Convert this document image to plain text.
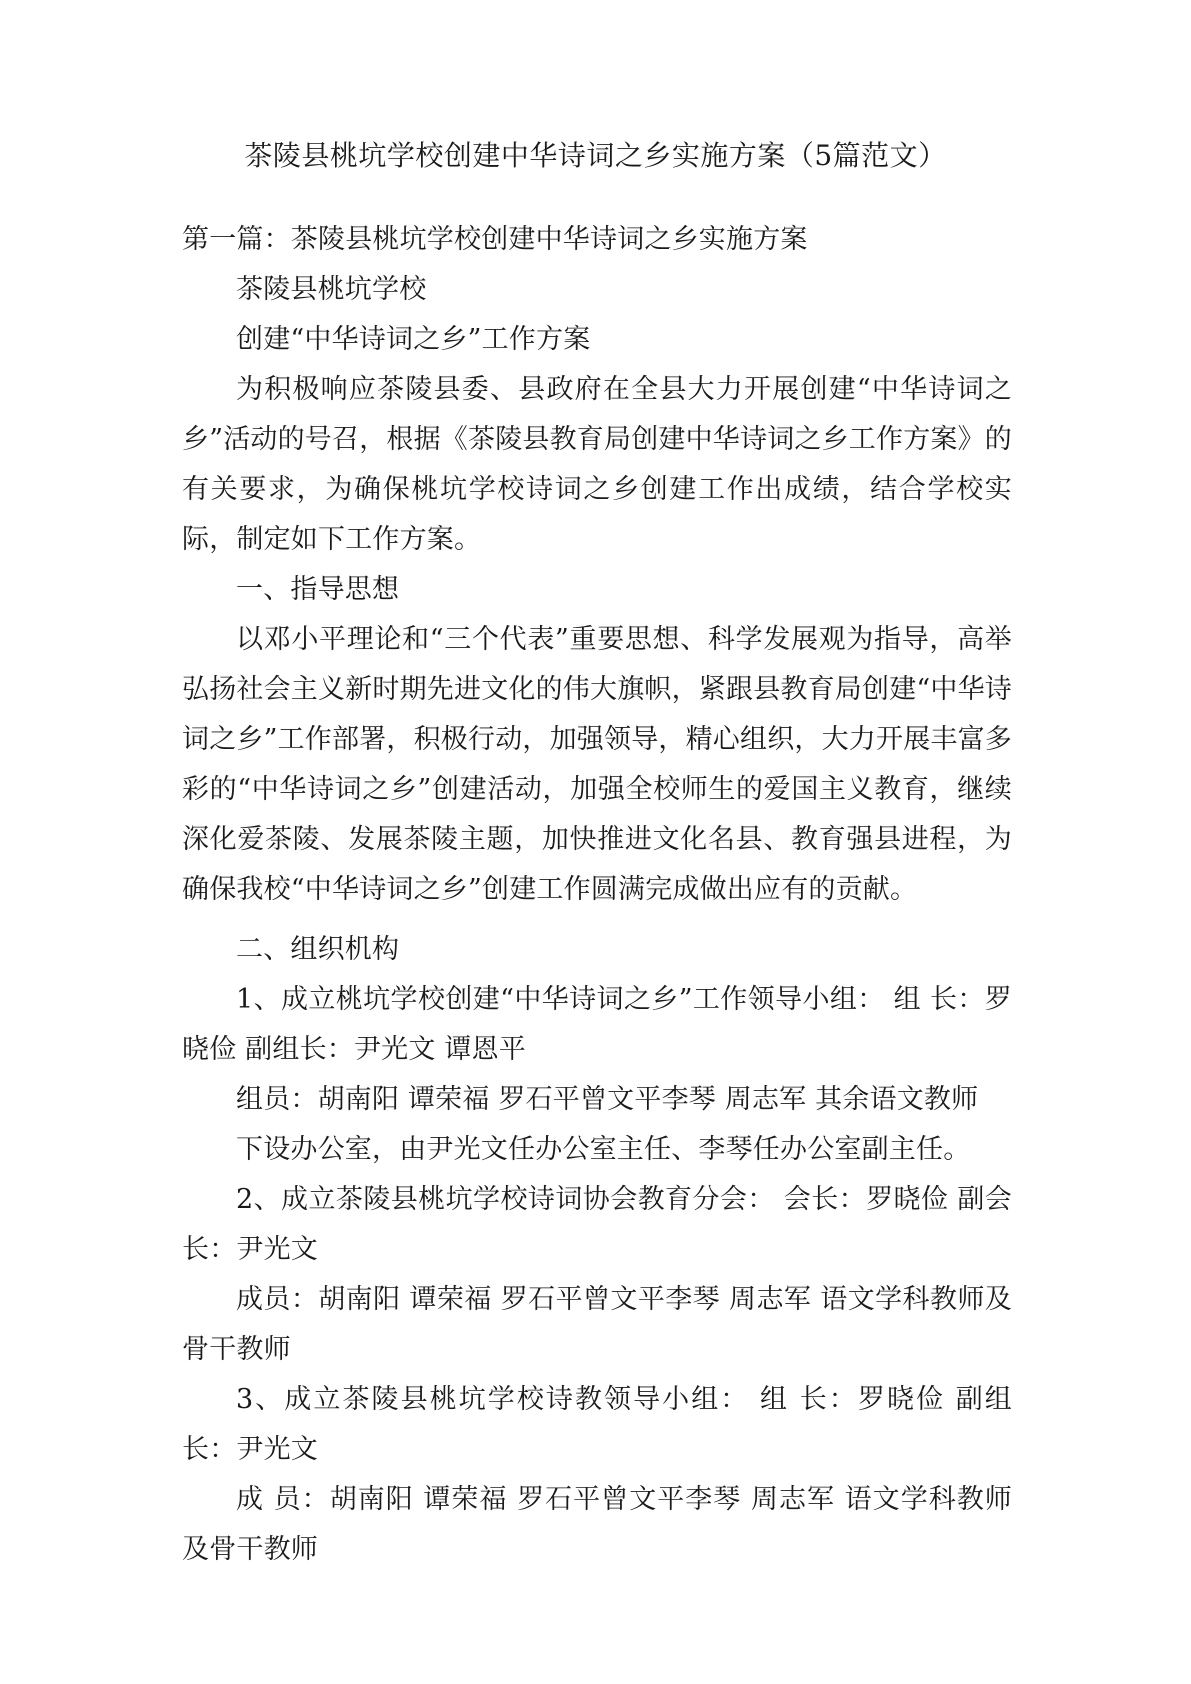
茶陵县桃坑学校创建中华诗词之乡实施方案（5篇范文）

第一篇：茶陵县桃坑学校创建中华诗词之乡实施方案

茶陵县桃坑学校

创建“中华诗词之乡”工作方案

为积极响应茶陵县委、县政府在全县大力开展创建“中华诗词之乡”活动的号召，根据《茶陵县教育局创建中华诗词之乡工作方案》的有关要求，为确保桃坑学校诗词之乡创建工作出成绩，结合学校实际，制定如下工作方案。

一、指导思想

以邓小平理论和“三个代表”重要思想、科学发展观为指导，高举弘扬社会主义新时期先进文化的伟大旗帜，紧跟县教育局创建“中华诗词之乡”工作部署，积极行动，加强领导，精心组织，大力开展丰富多彩的“中华诗词之乡”创建活动，加强全校师生的爱国主义教育，继续深化爱茶陵、发展茶陵主题，加快推进文化名县、教育强县进程，为确保我校“中华诗词之乡”创建工作圆满完成做出应有的贡献。

二、组织机构

1、成立桃坑学校创建“中华诗词之乡”工作领导小组： 组 长：罗晓俭 副组长：尹光文 谭恩平

组员：胡南阳 谭荣福 罗石平曾文平李琴 周志军 其余语文教师

下设办公室，由尹光文任办公室主任、李琴任办公室副主任。

2、成立茶陵县桃坑学校诗词协会教育分会： 会长：罗晓俭 副会长：尹光文

成员：胡南阳 谭荣福 罗石平曾文平李琴 周志军 语文学科教师及骨干教师

3、成立茶陵县桃坑学校诗教领导小组： 组 长：罗晓俭 副组长：尹光文

成 员：胡南阳 谭荣福 罗石平曾文平李琴 周志军 语文学科教师及骨干教师
